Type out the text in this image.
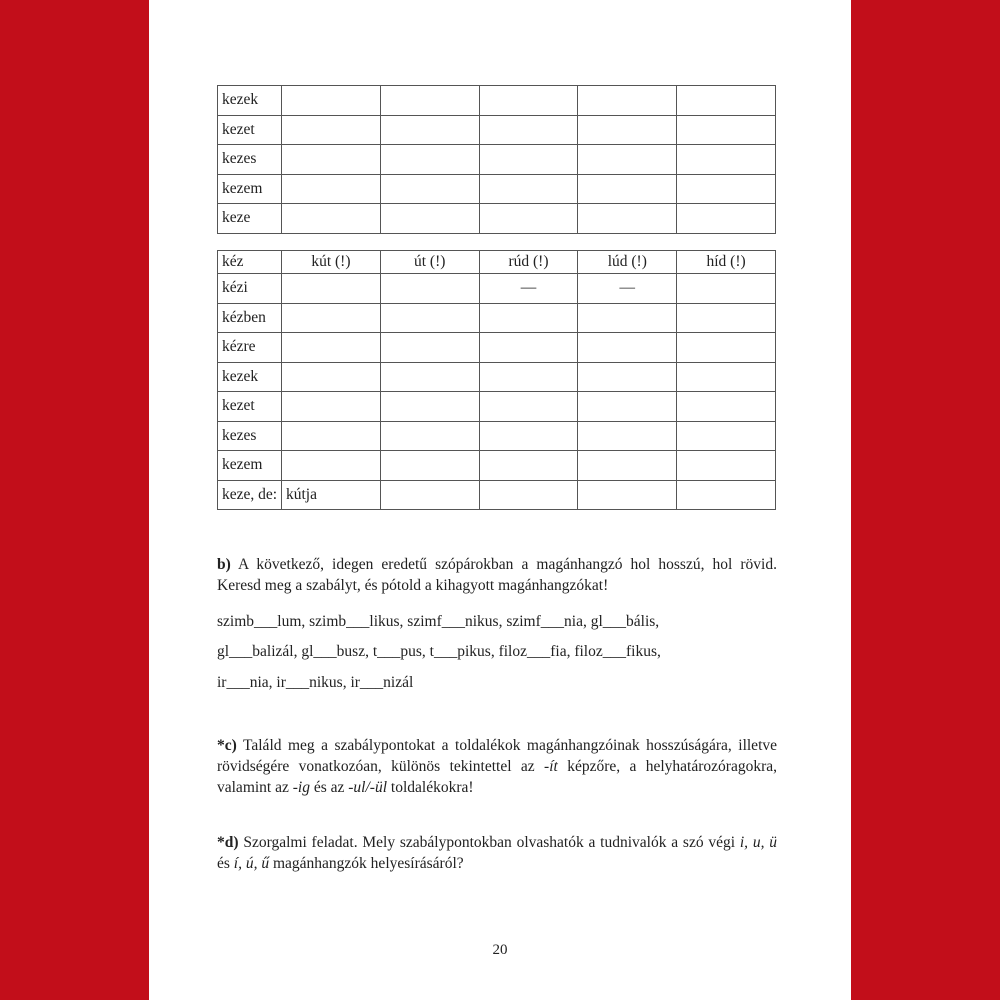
kezek					
kezet					
kezes					
kezem					
keze					
kéz	kút (!)	út (!)	rúd (!)	lúd (!)	híd (!)
kézi			—	—	
kézben					
kézre					
kezek					
kezet					
kezes					
kezem					
keze, de:	kútja				
b) A következő, idegen eredetű szópárokban a magánhangzó hol hosszú, hol rövid. Keresd meg a szabályt, és pótold a kihagyott magánhangzókat!
szimb___lum, szimb___likus, szimf___nikus, szimf___nia, gl___bális,
gl___balizál, gl___busz, t___pus, t___pikus, filoz___fia, filoz___fikus,
ir___nia, ir___nikus, ir___nizál
*c) Találd meg a szabálypontokat a toldalékok magánhangzóinak hosszúságára, illetve rövidségére vonatkozóan, különös tekintettel az -ít képzőre, a helyhatározóragokra, valamint az -ig és az -ul/-ül toldalékokra!
*d) Szorgalmi feladat. Mely szabálypontokban olvashatók a tudnivalók a szó végi i, u, ü és í, ú, ű magánhangzók helyesírásáról?
20
